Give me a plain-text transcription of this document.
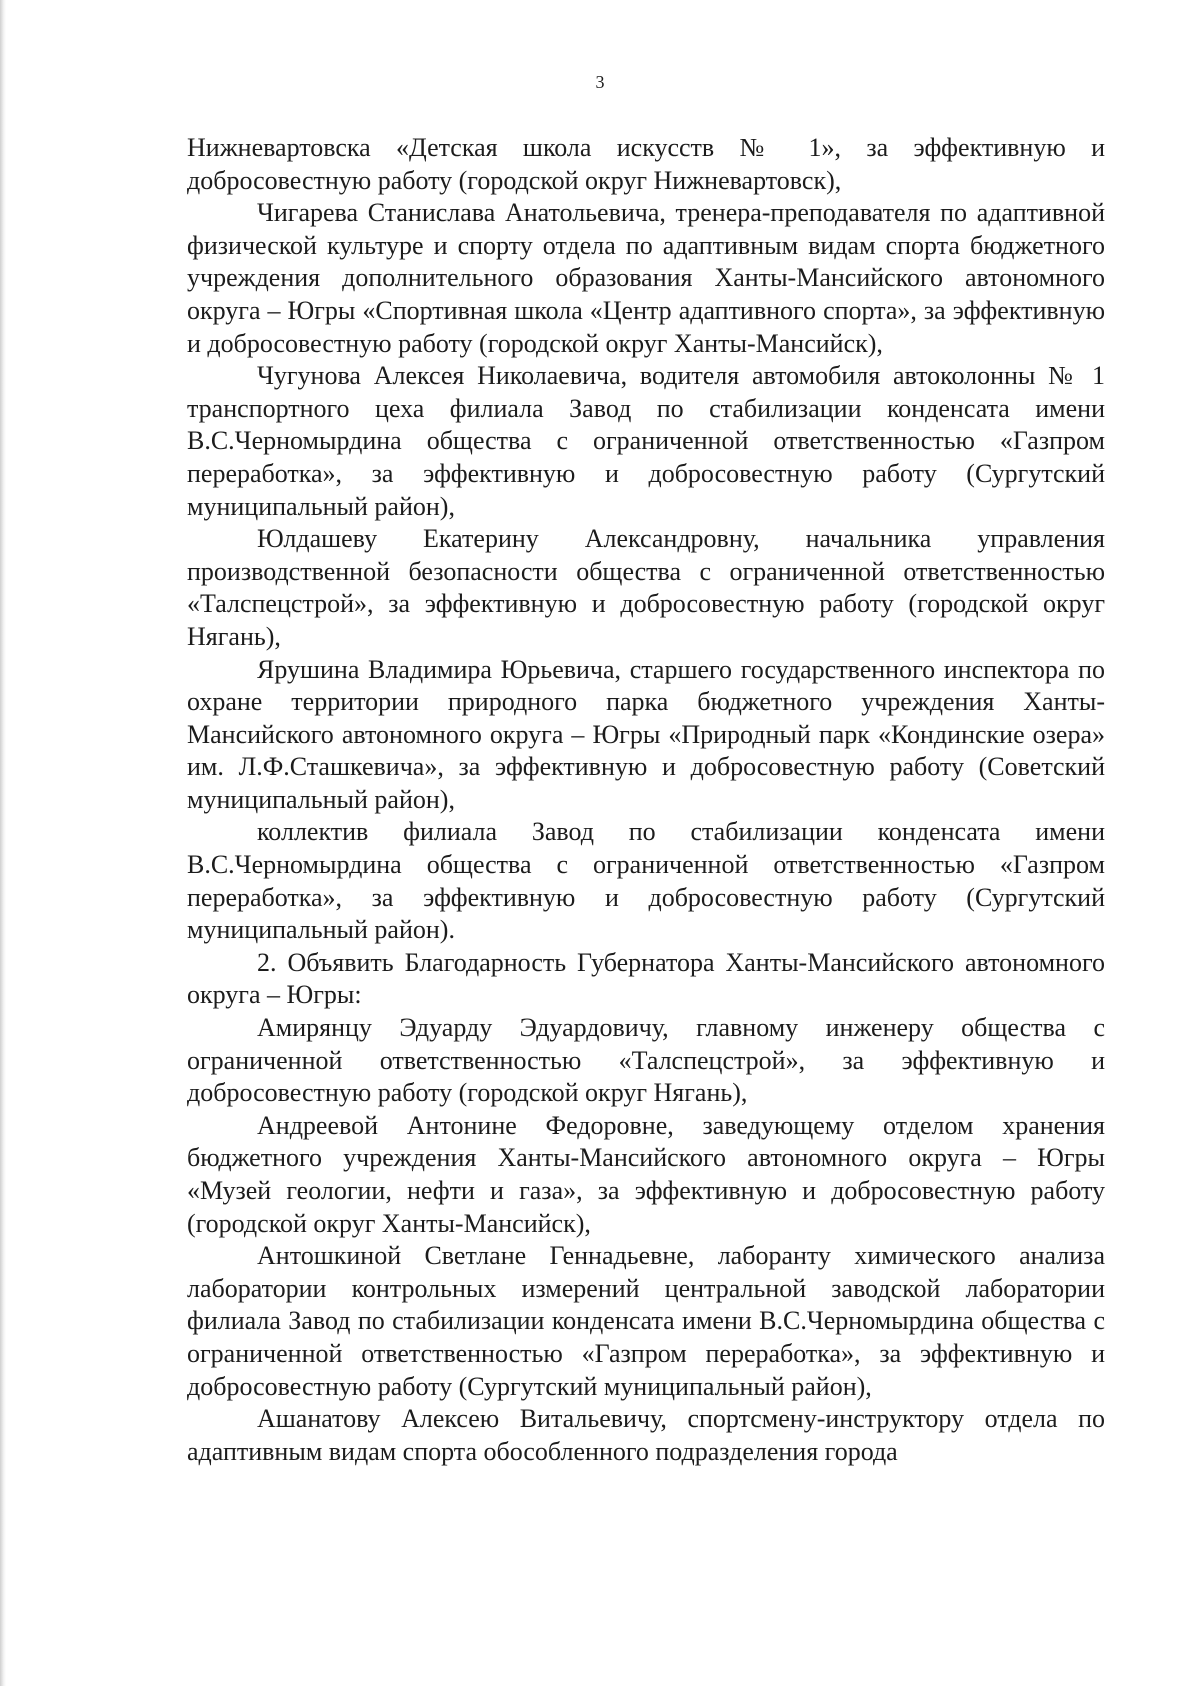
3

Нижневартовска «Детская школа искусств № 1», за эффективную и добросовестную работу (городской округ Нижневартовск),

Чигарева Станислава Анатольевича, тренера-преподавателя по адаптивной физической культуре и спорту отдела по адаптивным видам спорта бюджетного учреждения дополнительного образования Ханты-Мансийского автономного округа – Югры «Спортивная школа «Центр адаптивного спорта», за эффективную и добросовестную работу (городской округ Ханты-Мансийск),

Чугунова Алексея Николаевича, водителя автомобиля автоколонны № 1 транспортного цеха филиала Завод по стабилизации конденсата имени В.С.Черномырдина общества с ограниченной ответственностью «Газпром переработка», за эффективную и добросовестную работу (Сургутский муниципальный район),

Юлдашеву Екатерину Александровну, начальника управления производственной безопасности общества с ограниченной ответственностью «Талспецстрой», за эффективную и добросовестную работу (городской округ Нягань),

Ярушина Владимира Юрьевича, старшего государственного инспектора по охране территории природного парка бюджетного учреждения Ханты-Мансийского автономного округа – Югры «Природный парк «Кондинские озера» им. Л.Ф.Сташкевича», за эффективную и добросовестную работу (Советский муниципальный район),

коллектив филиала Завод по стабилизации конденсата имени В.С.Черномырдина общества с ограниченной ответственностью «Газпром переработка», за эффективную и добросовестную работу (Сургутский муниципальный район).

2. Объявить Благодарность Губернатора Ханты-Мансийского автономного округа – Югры:

Амирянцу Эдуарду Эдуардовичу, главному инженеру общества с ограниченной ответственностью «Талспецстрой», за эффективную и добросовестную работу (городской округ Нягань),

Андреевой Антонине Федоровне, заведующему отделом хранения бюджетного учреждения Ханты-Мансийского автономного округа – Югры «Музей геологии, нефти и газа», за эффективную и добросовестную работу (городской округ Ханты-Мансийск),

Антошкиной Светлане Геннадьевне, лаборанту химического анализа лаборатории контрольных измерений центральной заводской лаборатории филиала Завод по стабилизации конденсата имени В.С.Черномырдина общества с ограниченной ответственностью «Газпром переработка», за эффективную и добросовестную работу (Сургутский муниципальный район),

Ашанатову Алексею Витальевичу, спортсмену-инструктору отдела по адаптивным видам спорта обособленного подразделения города
